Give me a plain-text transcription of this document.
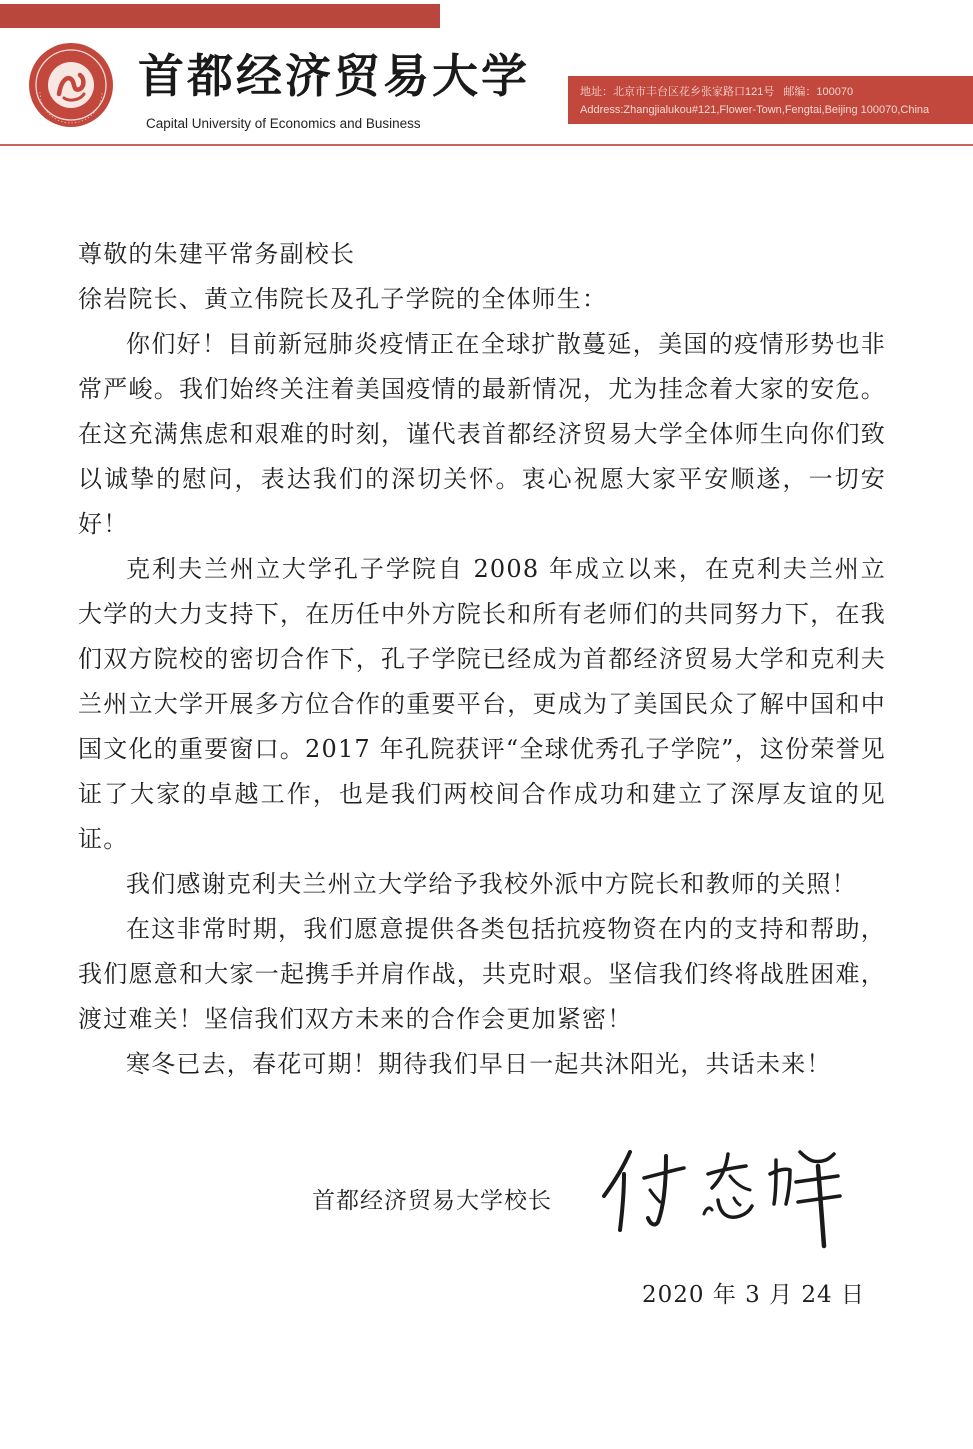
首都经济贸易大学
Capital University of Economics and Business
地址：北京市丰台区花乡张家路口121号 邮编：100070
Address:Zhangjialukou#121,Flower-Town,Fengtai,Beijing 100070,China

尊敬的朱建平常务副校长

徐岩院长、黄立伟院长及孔子学院的全体师生：

你们好！目前新冠肺炎疫情正在全球扩散蔓延，美国的疫情形势也非常严峻。我们始终关注着美国疫情的最新情况，尤为挂念着大家的安危。在这充满焦虑和艰难的时刻，谨代表首都经济贸易大学全体师生向你们致以诚挚的慰问，表达我们的深切关怀。衷心祝愿大家平安顺遂，一切安好！

克利夫兰州立大学孔子学院自 2008 年成立以来，在克利夫兰州立大学的大力支持下，在历任中外方院长和所有老师们的共同努力下，在我们双方院校的密切合作下，孔子学院已经成为首都经济贸易大学和克利夫兰州立大学开展多方位合作的重要平台，更成为了美国民众了解中国和中国文化的重要窗口。2017 年孔院获评“全球优秀孔子学院”，这份荣誉见证了大家的卓越工作，也是我们两校间合作成功和建立了深厚友谊的见证。

我们感谢克利夫兰州立大学给予我校外派中方院长和教师的关照！

在这非常时期，我们愿意提供各类包括抗疫物资在内的支持和帮助，我们愿意和大家一起携手并肩作战，共克时艰。坚信我们终将战胜困难，渡过难关！坚信我们双方未来的合作会更加紧密！

寒冬已去，春花可期！期待我们早日一起共沐阳光，共话未来！

首都经济贸易大学校长
2020 年 3 月 24 日
